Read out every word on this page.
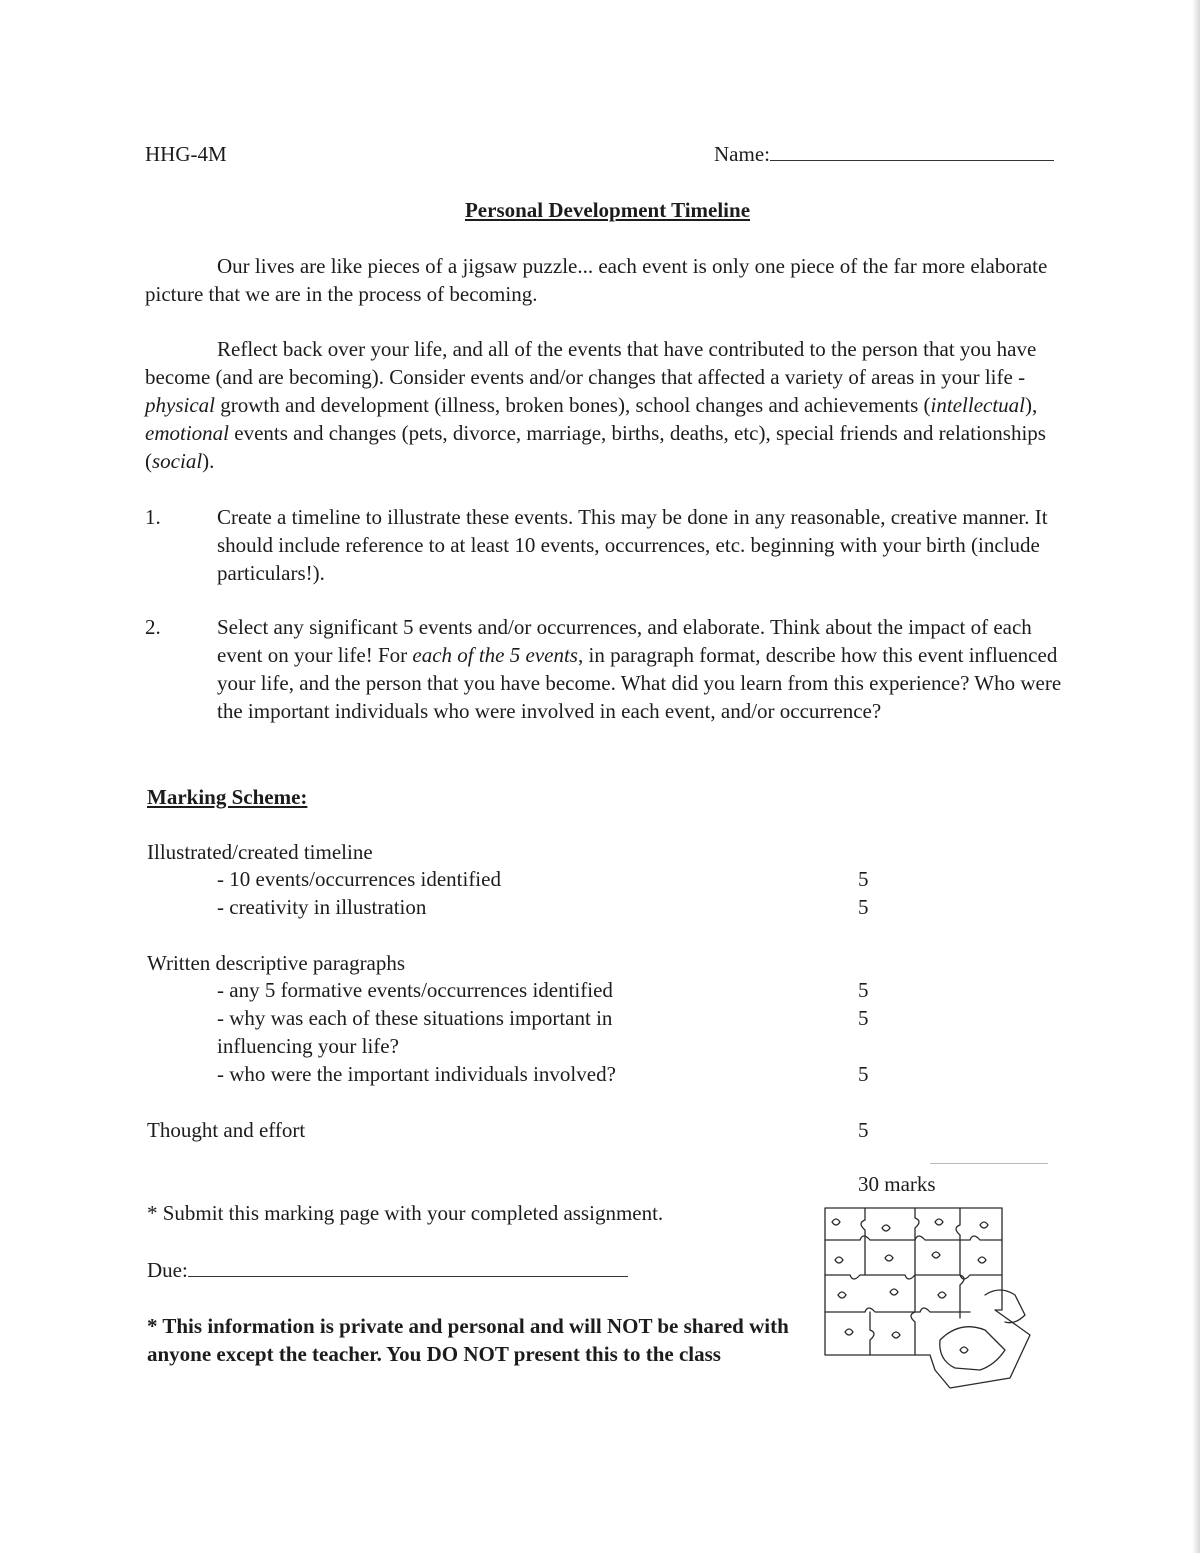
HHG-4M	Name:
Personal Development Timeline

Our lives are like pieces of a jigsaw puzzle... each event is only one piece of the far more elaborate picture that we are in the process of becoming.

Reflect back over your life, and all of the events that have contributed to the person that you have become (and are becoming). Consider events and/or changes that affected a variety of areas in your life - physical growth and development (illness, broken bones), school changes and achievements (intellectual), emotional events and changes (pets, divorce, marriage, births, deaths, etc), special friends and relationships (social).

1.	Create a timeline to illustrate these events. This may be done in any reasonable, creative manner. It should include reference to at least 10 events, occurrences, etc. beginning with your birth (include particulars!).

2.	Select any significant 5 events and/or occurrences, and elaborate. Think about the impact of each event on your life! For each of the 5 events, in paragraph format, describe how this event influenced your life, and the person that you have become. What did you learn from this experience? Who were the important individuals who were involved in each event, and/or occurrence?

Marking Scheme:
Illustrated/created timeline
- 10 events/occurrences identified	5
- creativity in illustration	5
Written descriptive paragraphs
- any 5 formative events/occurrences identified	5
- why was each of these situations important in	5
influencing your life?
- who were the important individuals involved?	5
Thought and effort	5
30 marks
* Submit this marking page with your completed assignment.
Due:

* This information is private and personal and will NOT be shared with anyone except the teacher. You DO NOT present this to the class
